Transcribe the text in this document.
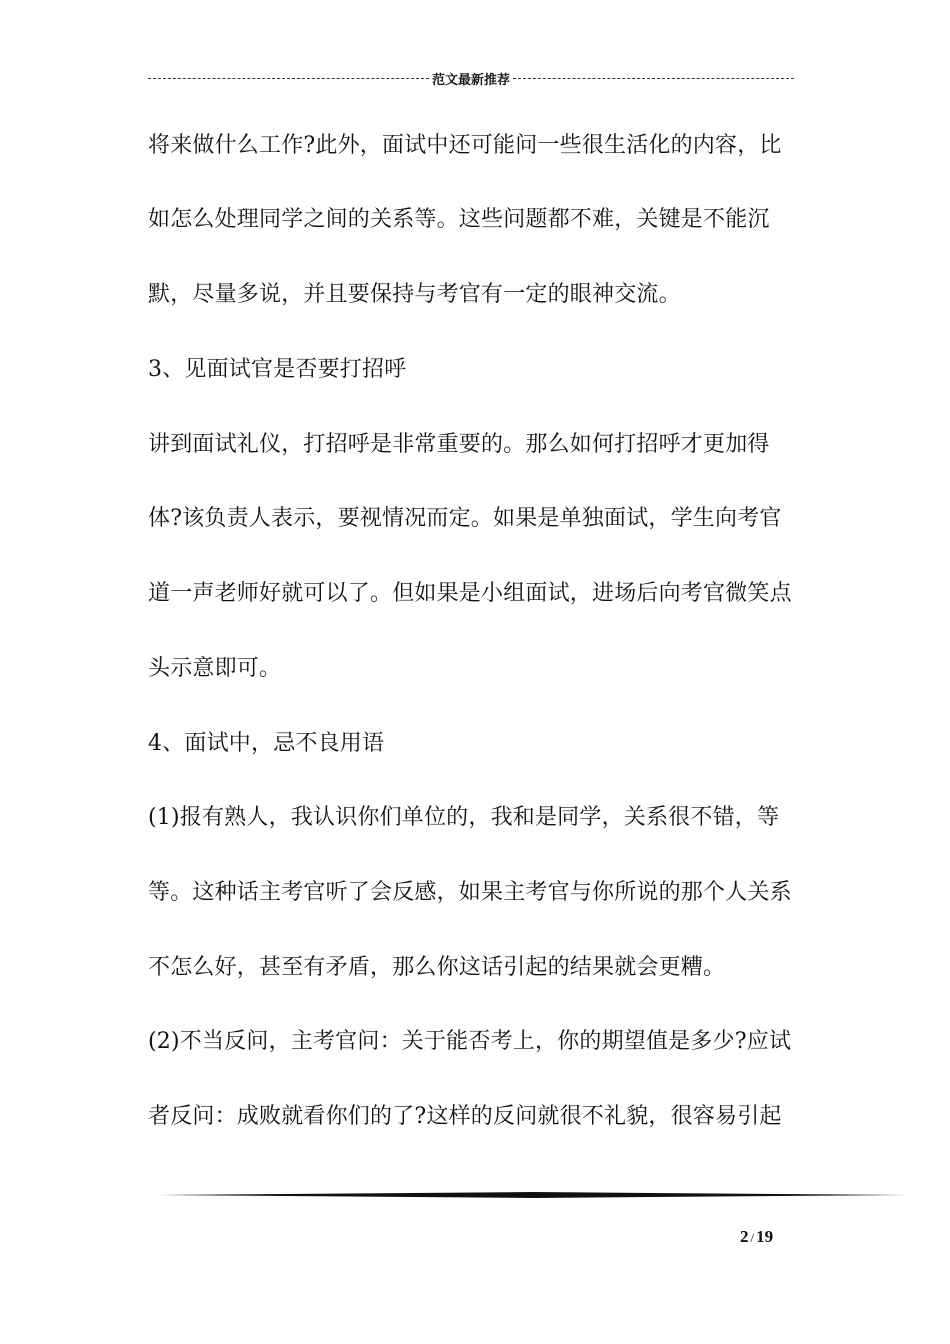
范文最新推荐
将来做什么工作?此外，面试中还可能问一些很生活化的内容，比
如怎么处理同学之间的关系等。这些问题都不难，关键是不能沉
默，尽量多说，并且要保持与考官有一定的眼神交流。
3、见面试官是否要打招呼
讲到面试礼仪，打招呼是非常重要的。那么如何打招呼才更加得
体?该负责人表示，要视情况而定。如果是单独面试，学生向考官
道一声老师好就可以了。但如果是小组面试，进场后向考官微笑点
头示意即可。
4、面试中，忌不良用语
(1)报有熟人，我认识你们单位的，我和是同学，关系很不错，等
等。这种话主考官听了会反感，如果主考官与你所说的那个人关系
不怎么好，甚至有矛盾，那么你这话引起的结果就会更糟。
(2)不当反问，主考官问：关于能否考上，你的期望值是多少?应试
者反问：成败就看你们的了?这样的反问就很不礼貌，很容易引起
2 / 19
